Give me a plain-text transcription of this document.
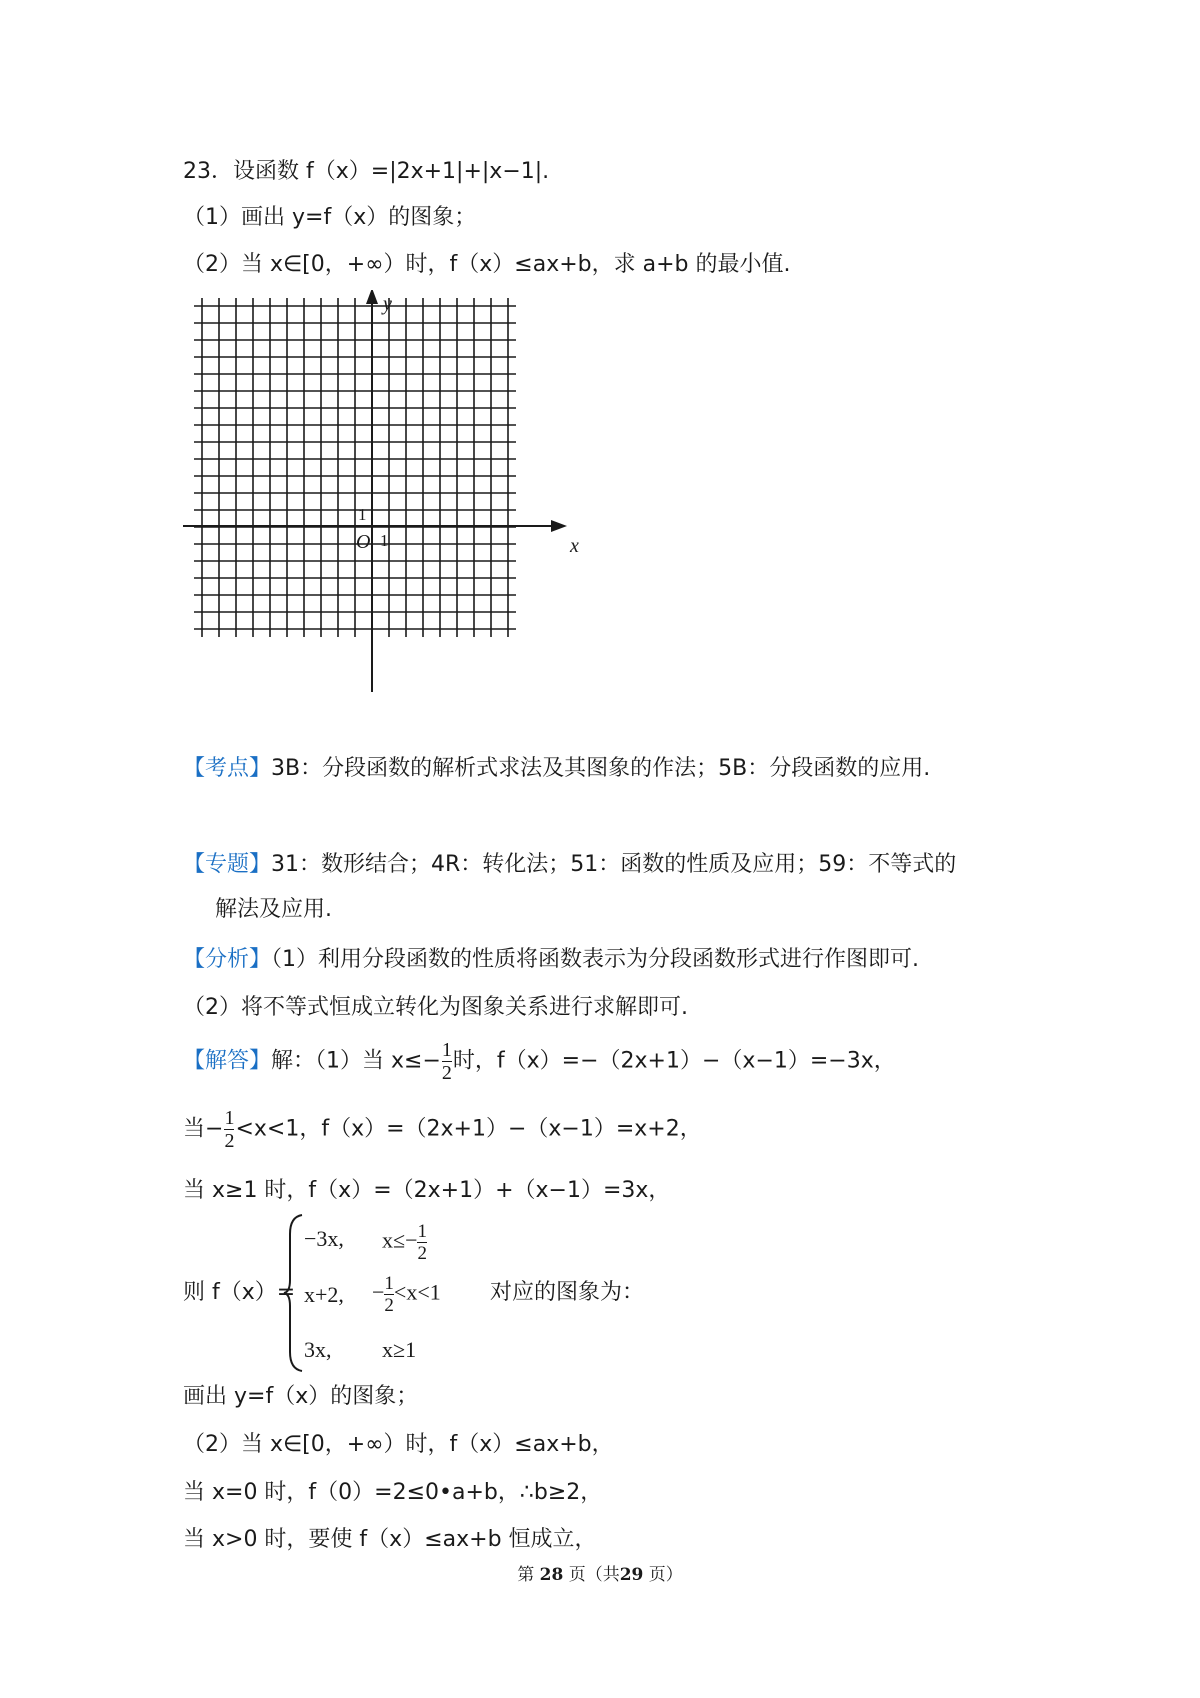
23．设函数 f（x）=|2x+1|+|x−1|.
（1）画出 y=f（x）的图象；
（2）当 x∈[0，+∞）时，f（x）≤ax+b，求 a+b 的最小值.
y
x
O 1
1
【考点】3B：分段函数的解析式求法及其图象的作法；5B：分段函数的应用.
【专题】31：数形结合；4R：转化法；51：函数的性质及应用；59：不等式的
解法及应用.
【分析】（1）利用分段函数的性质将函数表示为分段函数形式进行作图即可.
（2）将不等式恒成立转化为图象关系进行求解即可.
【解答】解：（1）当 $x\le- \frac{1}{2}$ 时，f（x）=−（2x+1）−（x−1）=−3x，
当− $\frac{1}{2} <x<1$，f（x）=（2x+1）−（x−1）=x+2，
当 x≥1 时，f（x）=（2x+1）+（x−1）=3x，
则 f（x）=
−3x, $x\le- \frac{1}{2}$
x+2, − $\frac{1}{2} <x<1$ 对应的图象为：
3x, x≥1
画出 y=f（x）的图象；
（2）当 x∈[0，+∞）时，f（x）≤ax+b，
当 x=0 时，f（0）=2≤0•a+b，∴b≥2，
当 x>0 时，要使 f（x）≤ax+b 恒成立，
第 28 页（共29 页）
